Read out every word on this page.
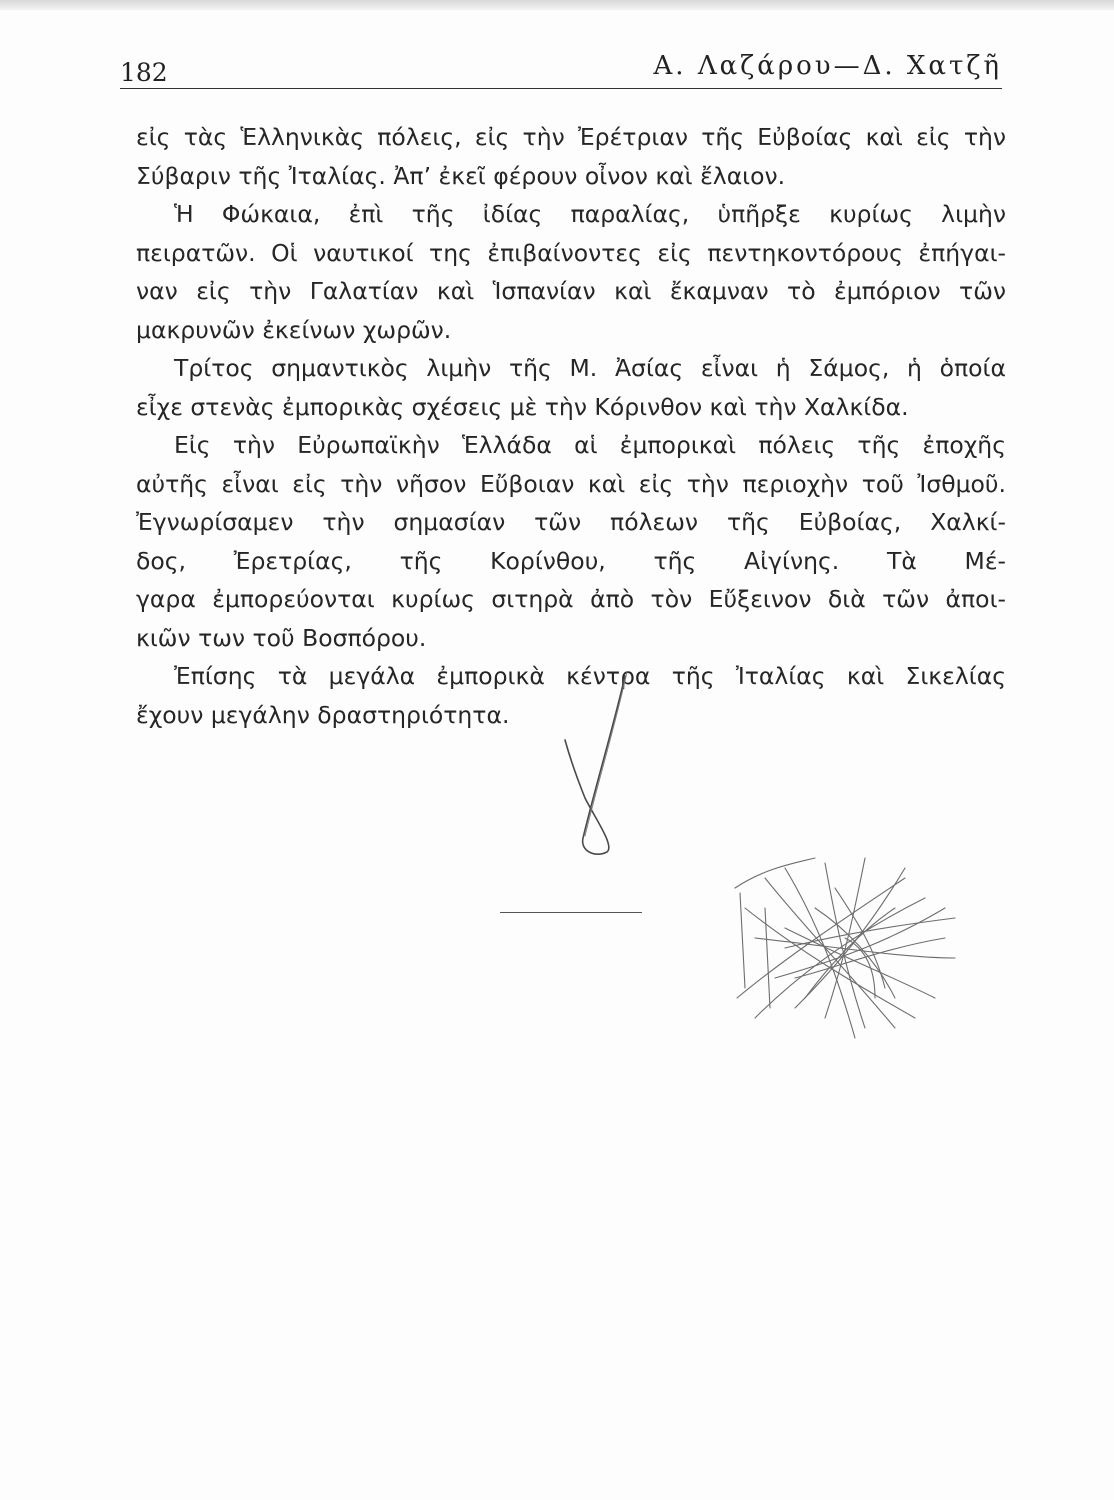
182	Α. Λαζάρου—Δ. Χατζῆ
εἰς τὰς Ἑλληνικὰς πόλεις, εἰς τὴν Ἐρέτριαν τῆς Εὐβοίας καὶ εἰς τὴν
Σύβαριν τῆς Ἰταλίας. Ἀπ’ ἐκεῖ φέρουν οἶνον καὶ ἔλαιον.
Ἡ Φώκαια, ἐπὶ τῆς ἰδίας παραλίας, ὑπῆρξε κυρίως λιμὴν
πειρατῶν. Οἱ ναυτικοί της ἐπιβαίνοντες εἰς πεντηκοντόρους ἐπήγαι-
ναν εἰς τὴν Γαλατίαν καὶ Ἱσπανίαν καὶ ἔκαμναν τὸ ἐμπόριον τῶν
μακρυνῶν ἐκείνων χωρῶν.
Τρίτος σημαντικὸς λιμὴν τῆς Μ. Ἀσίας εἶναι ἡ Σάμος, ἡ ὁποία
εἶχε στενὰς ἐμπορικὰς σχέσεις μὲ τὴν Κόρινθον καὶ τὴν Χαλκίδα.
Εἰς τὴν Εὐρωπαϊκὴν Ἑλλάδα αἱ ἐμπορικαὶ πόλεις τῆς ἐποχῆς
αὐτῆς εἶναι εἰς τὴν νῆσον Εὔβοιαν καὶ εἰς τὴν περιοχὴν τοῦ Ἰσθμοῦ.
Ἐγνωρίσαμεν τὴν σημασίαν τῶν πόλεων τῆς Εὐβοίας, Χαλκί-
δος, Ἐρετρίας, τῆς Κορίνθου, τῆς Αἰγίνης. Τὰ Μέ-
γαρα ἐμπορεύονται κυρίως σιτηρὰ ἀπὸ τὸν Εὔξεινον διὰ τῶν ἀποι-
κιῶν των τοῦ Βοσπόρου.
Ἐπίσης τὰ μεγάλα ἐμπορικὰ κέντρα τῆς Ἰταλίας καὶ Σικελίας
ἔχουν μεγάλην δραστηριότητα.
